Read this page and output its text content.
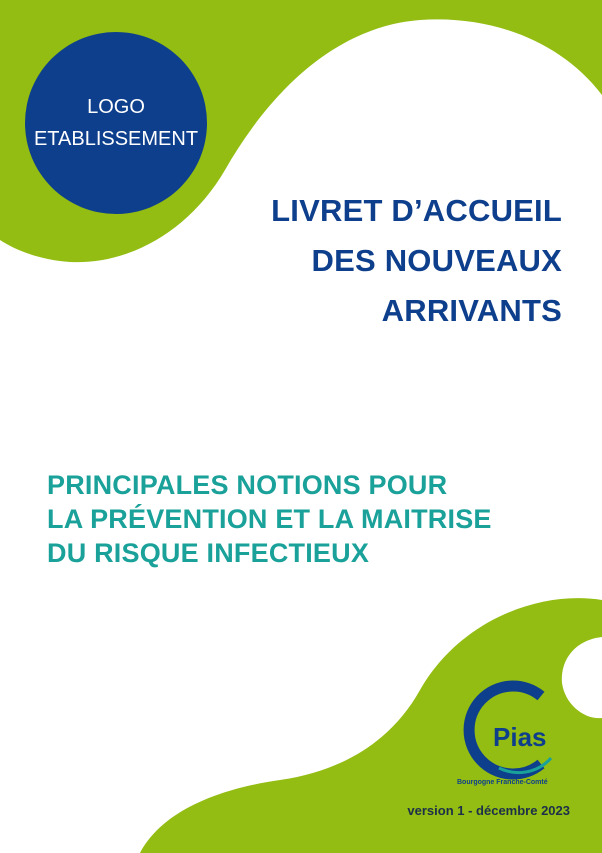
LOGO
ETABLISSEMENT
LIVRET D’ACCUEIL
DES NOUVEAUX
ARRIVANTS
PRINCIPALES NOTIONS POUR
LA PRÉVENTION ET LA MAITRISE
DU RISQUE INFECTIEUX
Pias
Bourgogne Franche-Comté
version 1 - décembre 2023
